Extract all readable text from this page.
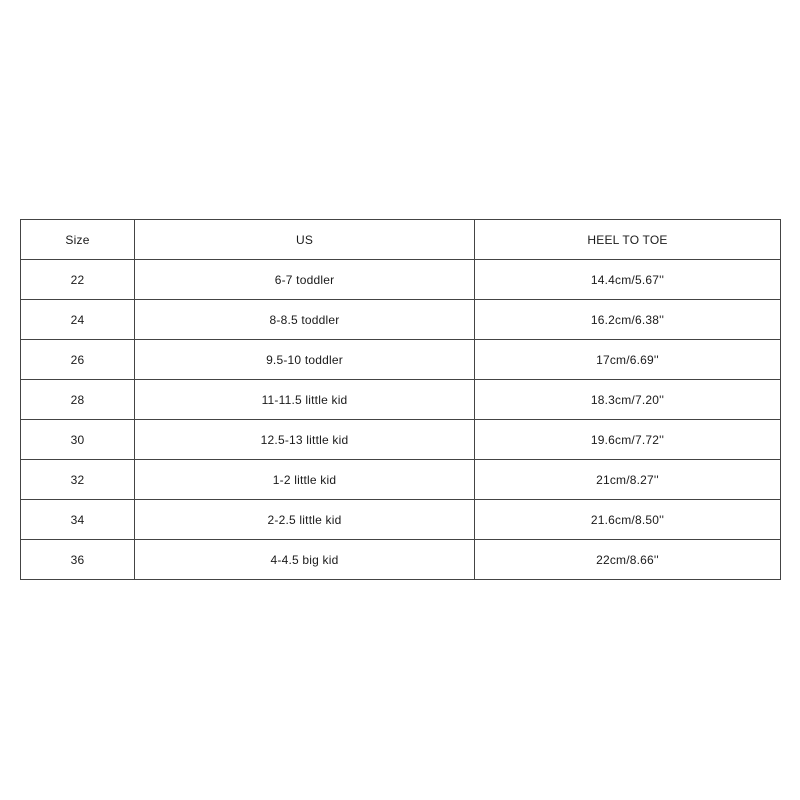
Size	US	HEEL TO TOE
22	6-7 toddler	14.4cm/5.67''
24	8-8.5 toddler	16.2cm/6.38''
26	9.5-10 toddler	17cm/6.69''
28	11-11.5 little kid	18.3cm/7.20''
30	12.5-13 little kid	19.6cm/7.72''
32	1-2 little kid	21cm/8.27''
34	2-2.5 little kid	21.6cm/8.50''
36	4-4.5 big kid	22cm/8.66''
